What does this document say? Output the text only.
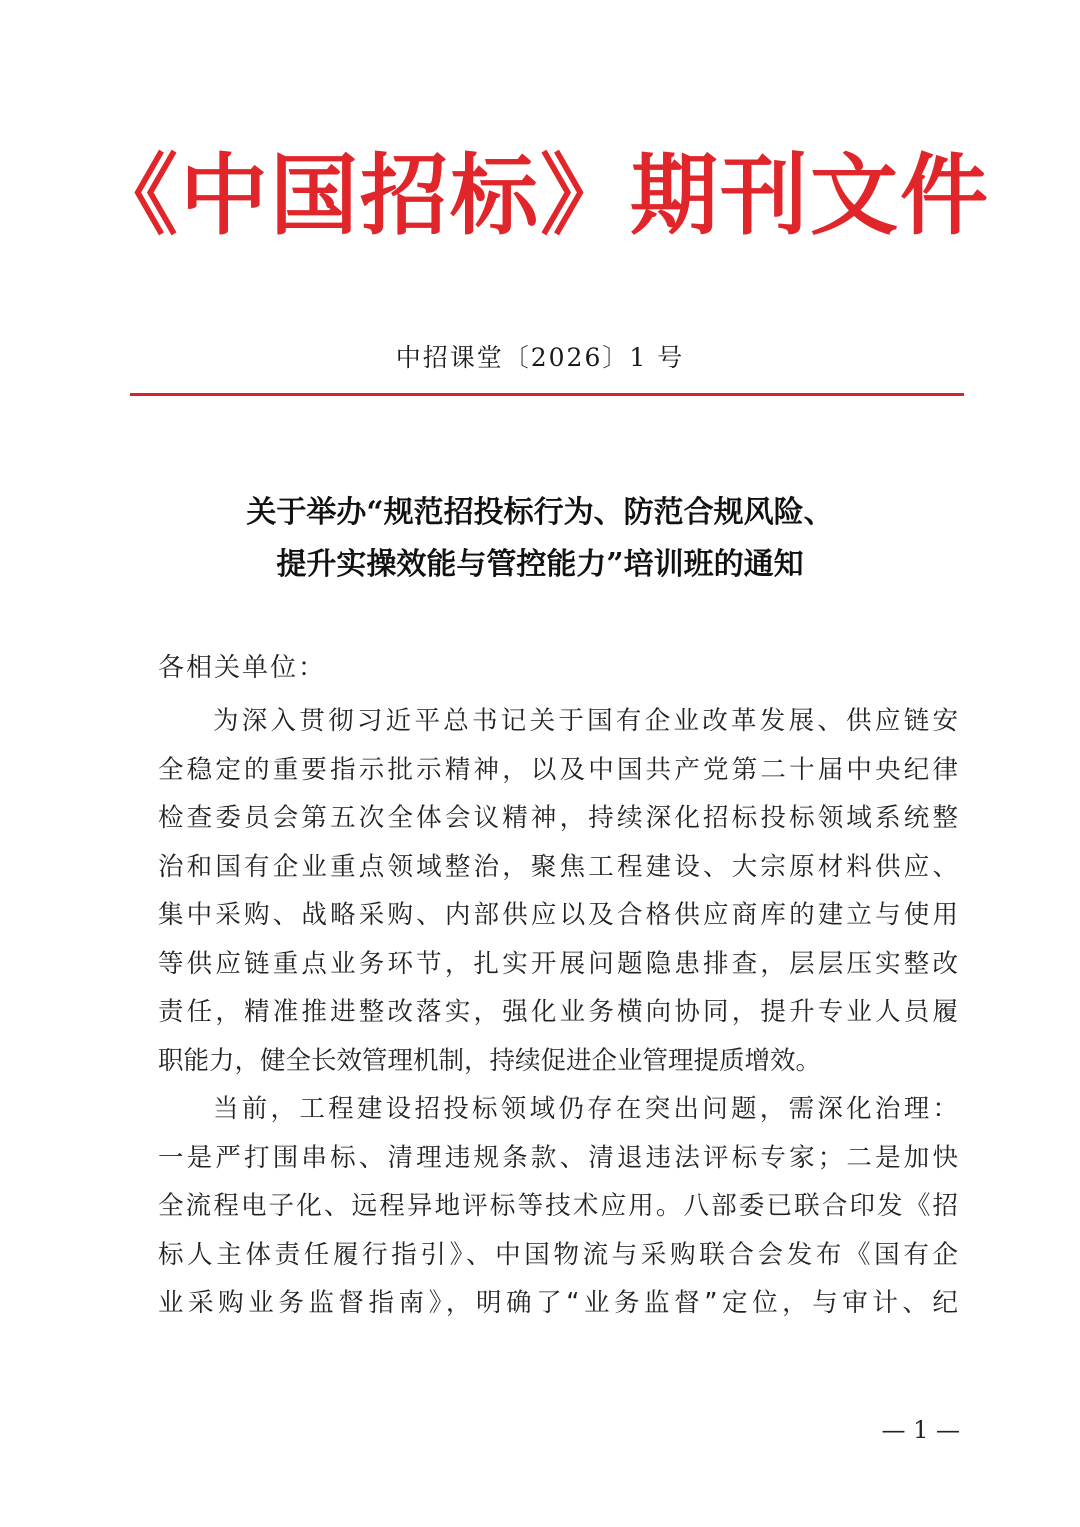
《中国招标》期刊文件
中招课堂〔2026〕1 号
关于举办“规范招投标行为、防范合规风险、
提升实操效能与管控能力”培训班的通知
各相关单位：
为深入贯彻习近平总书记关于国有企业改革发展、供应链安
全稳定的重要指示批示精神，以及中国共产党第二十届中央纪律
检查委员会第五次全体会议精神，持续深化招标投标领域系统整
治和国有企业重点领域整治，聚焦工程建设、大宗原材料供应、
集中采购、战略采购、内部供应以及合格供应商库的建立与使用
等供应链重点业务环节，扎实开展问题隐患排查，层层压实整改
责任，精准推进整改落实，强化业务横向协同，提升专业人员履
职能力，健全长效管理机制，持续促进企业管理提质增效。
当前，工程建设招投标领域仍存在突出问题，需深化治理：
一是严打围串标、清理违规条款、清退违法评标专家；二是加快
全流程电子化、远程异地评标等技术应用。八部委已联合印发《招
标人主体责任履行指引》、中国物流与采购联合会发布《国有企
业采购业务监督指南》，明确了“业务监督”定位，与审计、纪
— 1 —
